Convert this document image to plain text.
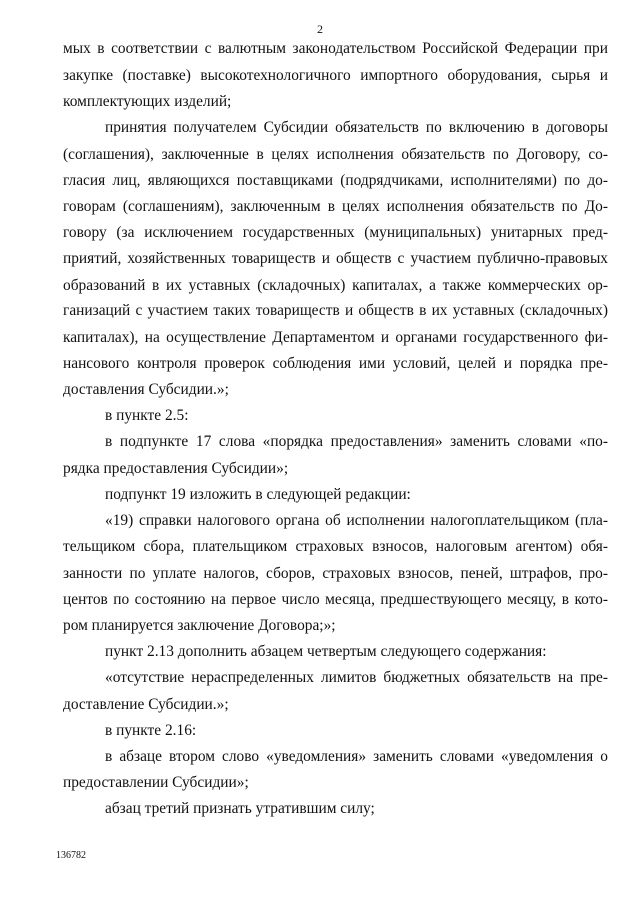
2
мых в соответствии с валютным законодательством Российской Федерации при
закупке (поставке) высокотехнологичного импортного оборудования, сырья и
комплектующих изделий;
принятия получателем Субсидии обязательств по включению в договоры
(соглашения), заключенные в целях исполнения обязательств по Договору, со-
гласия лиц, являющихся поставщиками (подрядчиками, исполнителями) по до-
говорам (соглашениям), заключенным в целях исполнения обязательств по До-
говору (за исключением государственных (муниципальных) унитарных пред-
приятий, хозяйственных товариществ и обществ с участием публично-правовых
образований в их уставных (складочных) капиталах, а также коммерческих ор-
ганизаций с участием таких товариществ и обществ в их уставных (складочных)
капиталах), на осуществление Департаментом и органами государственного фи-
нансового контроля проверок соблюдения ими условий, целей и порядка пре-
доставления Субсидии.»;
в пункте 2.5:
в подпункте 17 слова «порядка предоставления» заменить словами «по-
рядка предоставления Субсидии»;
подпункт 19 изложить в следующей редакции:
«19) справки налогового органа об исполнении налогоплательщиком (пла-
тельщиком сбора, плательщиком страховых взносов, налоговым агентом) обя-
занности по уплате налогов, сборов, страховых взносов, пеней, штрафов, про-
центов по состоянию на первое число месяца, предшествующего месяцу, в кото-
ром планируется заключение Договора;»;
пункт 2.13 дополнить абзацем четвертым следующего содержания:
«отсутствие нераспределенных лимитов бюджетных обязательств на пре-
доставление Субсидии.»;
в пункте 2.16:
в абзаце втором слово «уведомления» заменить словами «уведомления о
предоставлении Субсидии»;
абзац третий признать утратившим силу;
136782
